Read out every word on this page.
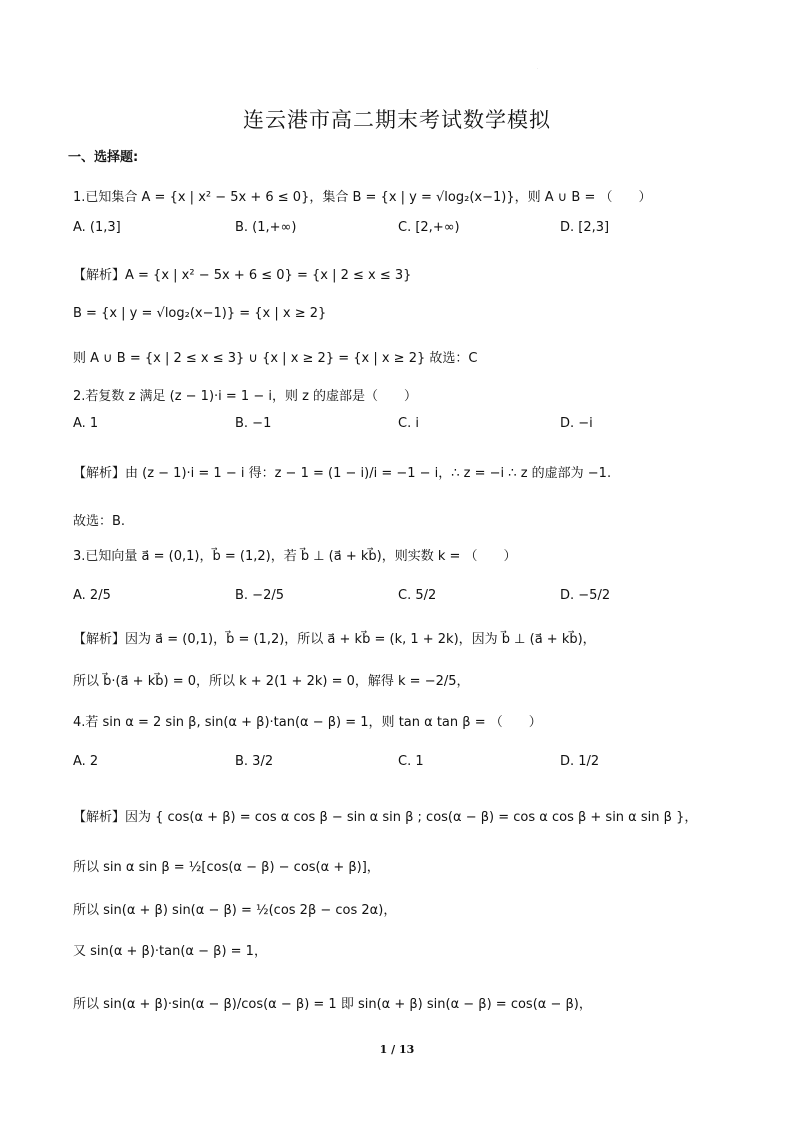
·
连云港市高二期末考试数学模拟
一、选择题:
1.已知集合 A = {x | x² − 5x + 6 ≤ 0}，集合 B = {x | y = √log₂(x−1)}，则 A ∪ B = （　　）
A. (1,3]	B. (1,+∞)	C. [2,+∞)	D. [2,3]
【解析】A = {x | x² − 5x + 6 ≤ 0} = {x | 2 ≤ x ≤ 3}
B = {x | y = √log₂(x−1)} = {x | x ≥ 2}
则 A ∪ B = {x | 2 ≤ x ≤ 3} ∪ {x | x ≥ 2} = {x | x ≥ 2} 故选：C
2.若复数 z 满足 (z − 1)·i = 1 − i，则 z 的虚部是（　　）
A. 1	B. −1	C. i	D. −i
【解析】由 (z − 1)·i = 1 − i 得：z − 1 = (1 − i)/i = −1 − i，∴ z = −i ∴ z 的虚部为 −1.
故选：B.
3.已知向量 a⃗ = (0,1)，b⃗ = (1,2)，若 b⃗ ⊥ (a⃗ + kb⃗)，则实数 k = （　　）
A. 2/5	B. −2/5	C. 5/2	D. −5/2
【解析】因为 a⃗ = (0,1)，b⃗ = (1,2)，所以 a⃗ + kb⃗ = (k, 1 + 2k)，因为 b⃗ ⊥ (a⃗ + kb⃗)，
所以 b⃗·(a⃗ + kb⃗) = 0，所以 k + 2(1 + 2k) = 0，解得 k = −2/5，
4.若 sin α = 2 sin β, sin(α + β)·tan(α − β) = 1，则 tan α tan β = （　　）
A. 2	B. 3/2	C. 1	D. 1/2
【解析】因为 { cos(α + β) = cos α cos β − sin α sin β ; cos(α − β) = cos α cos β + sin α sin β }，
所以 sin α sin β = ½[cos(α − β) − cos(α + β)]，
所以 sin(α + β) sin(α − β) = ½(cos 2β − cos 2α)，
又 sin(α + β)·tan(α − β) = 1，
所以 sin(α + β)·sin(α − β)/cos(α − β) = 1 即 sin(α + β) sin(α − β) = cos(α − β)，
1 / 13
